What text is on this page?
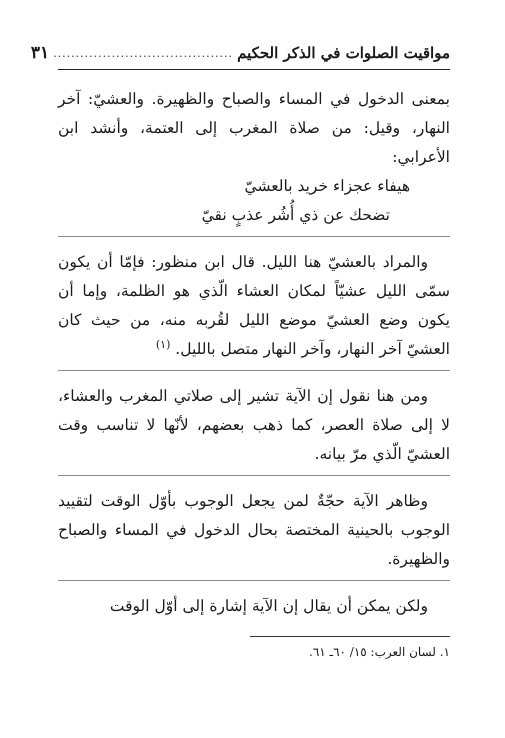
مواقيت الصلوات في الذكر الحكيم
........................................
٣١

بمعنى الدخول في المساء والصباح والظهيرة. والعشيّ: آخر النهار، وقيل: من صلاة المغرب إلى العتمة، وأنشد ابن الأعرابي:

هيفاء عجزاء خريد بالعشيّ

تضحك عن ذي أُشُر عذبٍ نقيّ

والمراد بالعشيّ هنا الليل. قال ابن منظور: فإمّا أن يكون سمّى الليل عشيّاً لمكان العشاء الّذي هو الظلمة، وإما أن يكون وضع العشيّ موضع الليل لقُربه منه، من حيث كان العشيّ آخر النهار، وآخر النهار متصل بالليل. $^{(١)}$

ومن هنا نقول إن الآية تشير إلى صلاتي المغرب والعشاء، لا إلى صلاة العصر، كما ذهب بعضهم، لأنّها لا تناسب وقت العشيّ الّذي مرّ بيانه.

وظاهر الآية حجّةٌ لمن يجعل الوجوب بأوّل الوقت لتقييد الوجوب بالحينية المختصة بحال الدخول في المساء والصباح والظهيرة.

ولكن يمكن أن يقال إن الآية إشارة إلى أوّل الوقت

١. لسان العرب: ١٥/ ٦٠ـ ٦١.
